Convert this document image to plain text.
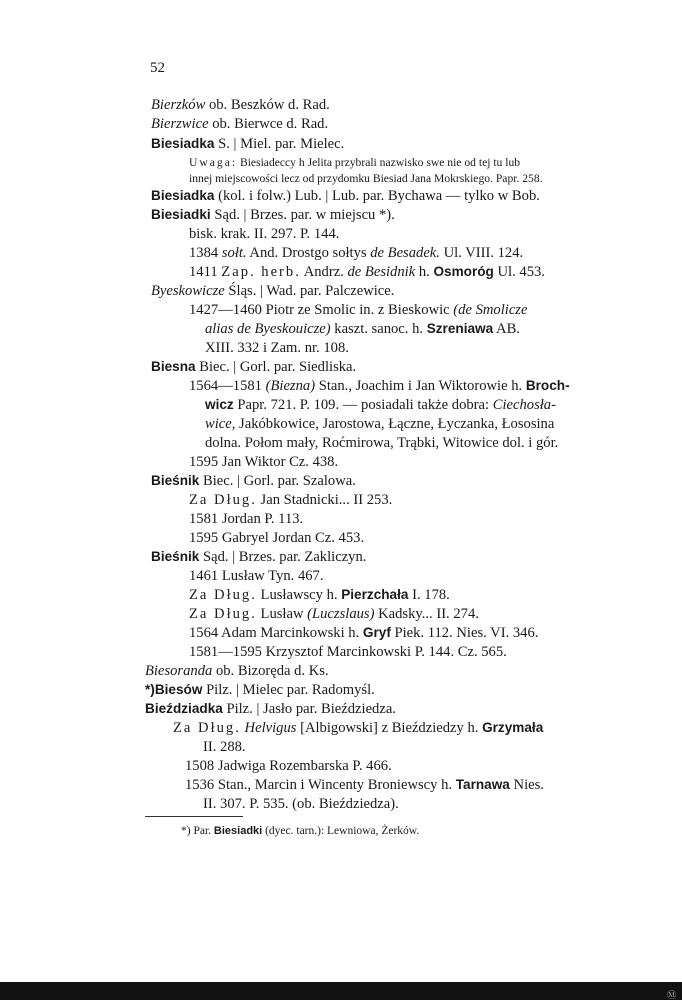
52
Bierzków ob. Beszków d. Rad.
Bierzwice ob. Bierwce d. Rad.
Biesiadka S. | Miel. par. Mielec.
Uwaga: Biesiadeccy h Jelita przybrali nazwisko swe nie od tej tu lub
innej miejscowości lecz od przydomku Biesiad Jana Mokrskiego. Papr. 258.
Biesiadka (kol. i folw.) Lub. | Lub. par. Bychawa — tylko w Bob.
Biesiadki Sąd. | Brzes. par. w miejscu *).
bisk. krak. II. 297. P. 144.
1384 sołt. And. Drostgo sołtys de Besadek. Ul. VIII. 124.
1411 Zap. herb. Andrz. de Besidnik h. Osmoróg Ul. 453.
Byeskowicze Śląs. | Wad. par. Palczewice.
1427—1460 Piotr ze Smolic in. z Bieskowic (de Smolicze
alias de Byeskouicze) kaszt. sanoc. h. Szreniawa AB.
XIII. 332 i Zam. nr. 108.
Biesna Biec. | Gorl. par. Siedliska.
1564—1581 (Biezna) Stan., Joachim i Jan Wiktorowie h. Broch-
wicz Papr. 721. P. 109. — posiadali także dobra: Ciechosła-
wice, Jakóbkowice, Jarostowa, Łączne, Łyczanka, Łososina
dolna. Połom mały, Roćmirowa, Trąbki, Witowice dol. i gór.
1595 Jan Wiktor Cz. 438.
Bieśnik Biec. | Gorl. par. Szalowa.
Za Dług. Jan Stadnicki... II 253.
1581 Jordan P. 113.
1595 Gabryel Jordan Cz. 453.
Bieśnik Sąd. | Brzes. par. Zakliczyn.
1461 Lusław Tyn. 467.
Za Dług. Lusławscy h. Pierzchała I. 178.
Za Dług. Lusław (Luczslaus) Kadsky... II. 274.
1564 Adam Marcinkowski h. Gryf Piek. 112. Nies. VI. 346.
1581—1595 Krzysztof Marcinkowski P. 144. Cz. 565.
Biesoranda ob. Bizoręda d. Ks.
*)Biesów Pilz. | Mielec par. Radomyśl.
Bieździadka Pilz. | Jasło par. Bieździedza.
Za Dług. Helvigus [Albigowski] z Bieździedzy h. Grzymała
II. 288.
1508 Jadwiga Rozembarska P. 466.
1536 Stan., Marcin i Wincenty Broniewscy h. Tarnawa Nies.
II. 307. P. 535. (ob. Bieździedza).
*) Par. Biesiadki (dyec. tarn.): Lewniowa, Żerków.
Ⓜ
